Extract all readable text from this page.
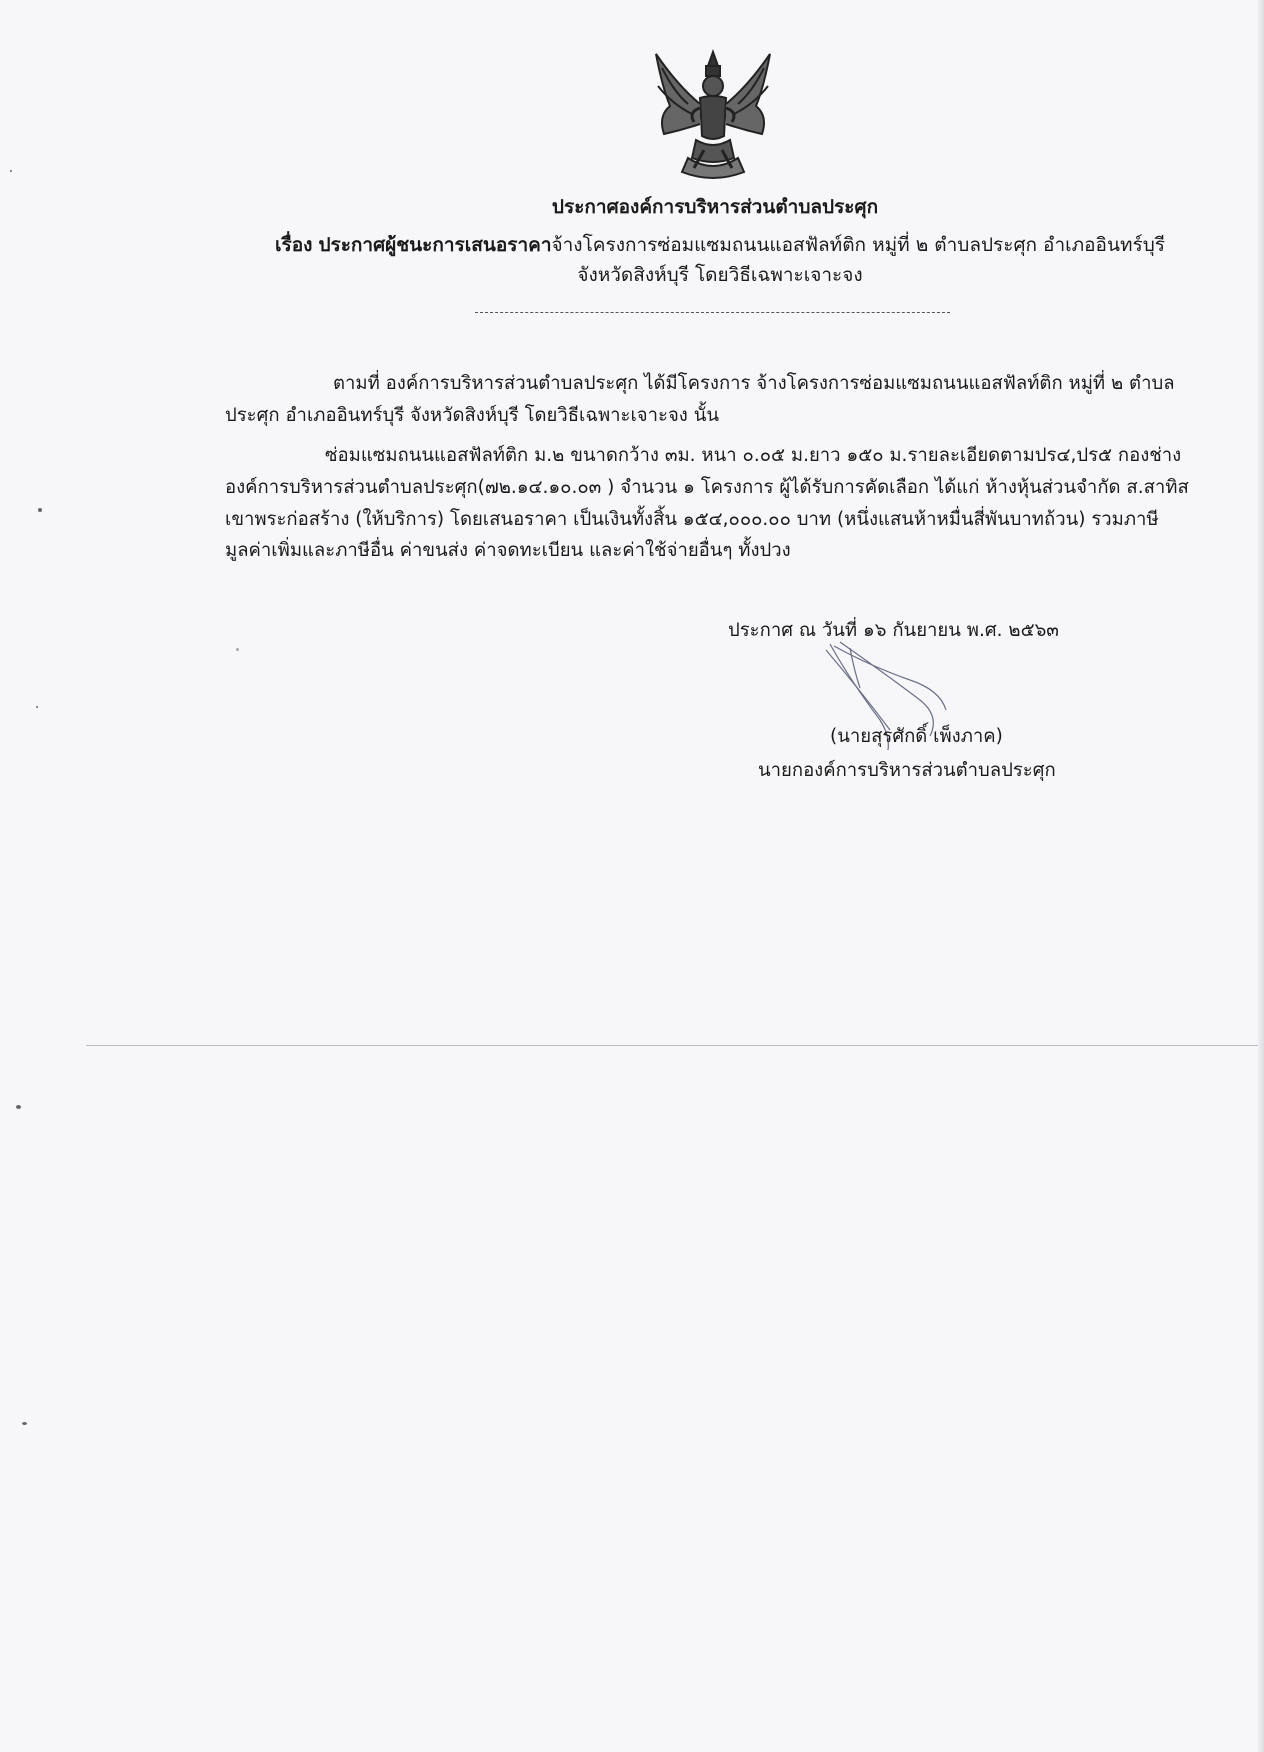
ประกาศองค์การบริหารส่วนตำบลประศุก
เรื่อง ประกาศผู้ชนะการเสนอราคาจ้างโครงการซ่อมแซมถนนแอสฟัลท์ติก หมู่ที่ ๒ ตำบลประศุก อำเภออินทร์บุรี จังหวัดสิงห์บุรี โดยวิธีเฉพาะเจาะจง
ตามที่ องค์การบริหารส่วนตำบลประศุก ได้มีโครงการ จ้างโครงการซ่อมแซมถนนแอสฟัลท์ติก หมู่ที่ ๒ ตำบลประศุก อำเภออินทร์บุรี จังหวัดสิงห์บุรี โดยวิธีเฉพาะเจาะจง นั้น
ซ่อมแซมถนนแอสฟัลท์ติก ม.๒ ขนาดกว้าง ๓ม. หนา ๐.๐๕ ม.ยาว ๑๕๐ ม.รายละเอียดตามปร๔,ปร๕ กองช่างองค์การบริหารส่วนตำบลประศุก(๗๒.๑๔.๑๐.๐๓ ) จำนวน ๑ โครงการ ผู้ได้รับการคัดเลือก ได้แก่ ห้างหุ้นส่วนจำกัด ส.สาทิสเขาพระก่อสร้าง (ให้บริการ) โดยเสนอราคา เป็นเงินทั้งสิ้น ๑๕๔,๐๐๐.๐๐ บาท (หนึ่งแสนห้าหมื่นสี่พันบาทถ้วน) รวมภาษีมูลค่าเพิ่มและภาษีอื่น ค่าขนส่ง ค่าจดทะเบียน และค่าใช้จ่ายอื่นๆ ทั้งปวง
ประกาศ ณ วันที่ ๑๖ กันยายน พ.ศ. ๒๕๖๓
(นายสุรศักดิ์ เพ็งภาค)
นายกองค์การบริหารส่วนตำบลประศุก
